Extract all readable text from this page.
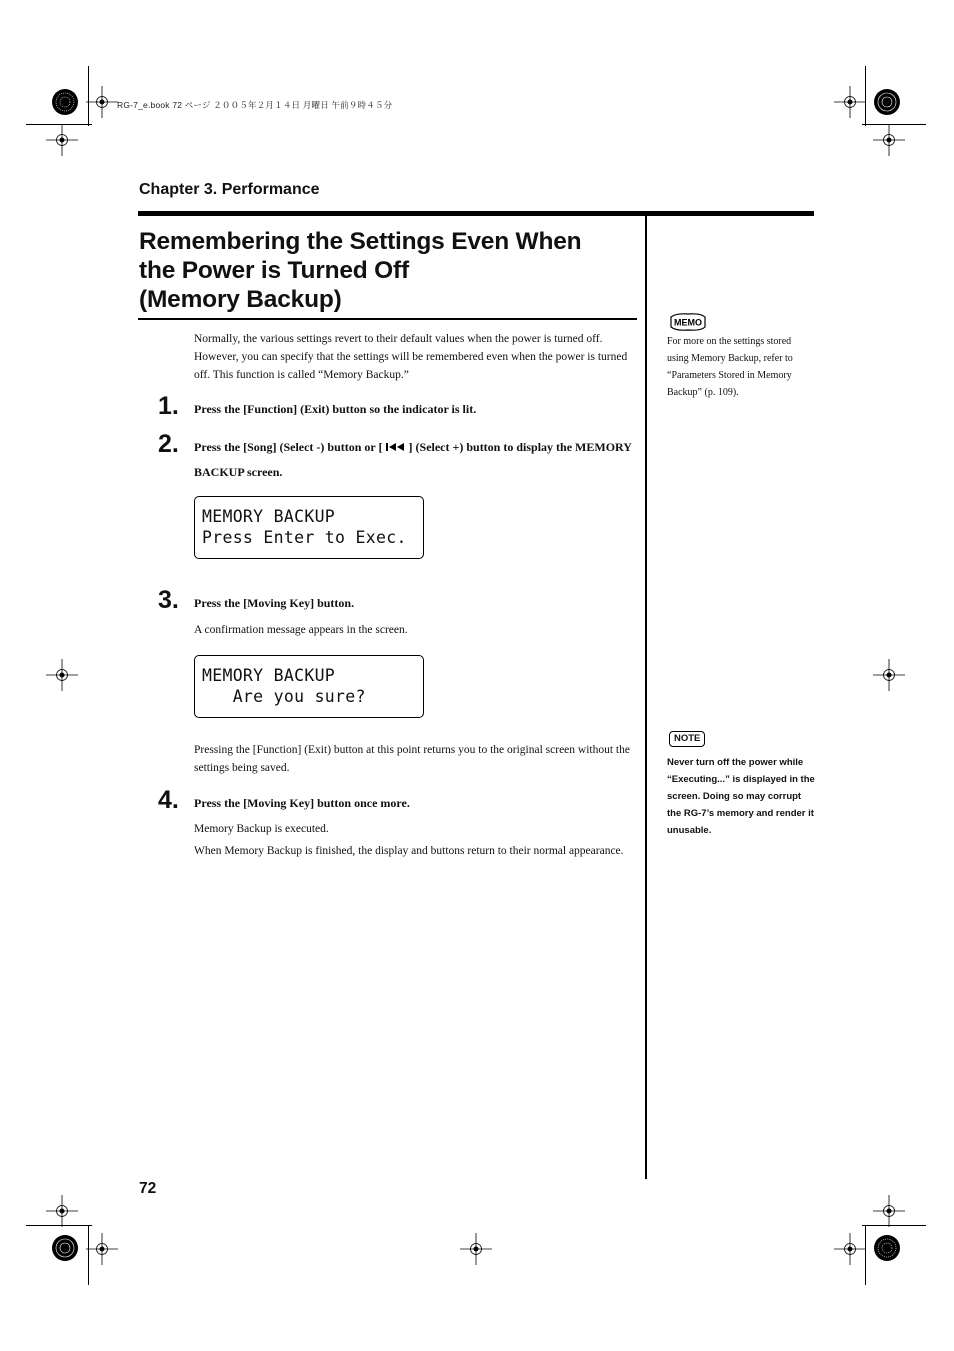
RG-7_e.book 72 ページ ２００５年２月１４日 月曜日 午前９時４５分
Chapter 3. Performance
Remembering the Settings Even When
the Power is Turned Off
(Memory Backup)
Normally, the various settings revert to their default values when the power is turned off. However, you can specify that the settings will be remembered even when the power is turned off. This function is called “Memory Backup.”
1. Press the [Function] (Exit) button so the indicator is lit.
2. Press the [Song] (Select -) button or [ ] (Select +) button to display the MEMORY BACKUP screen.
MEMORY BACKUP
Press Enter to Exec.
3. Press the [Moving Key] button.
A confirmation message appears in the screen.
MEMORY BACKUP
Are you sure?
Pressing the [Function] (Exit) button at this point returns you to the original screen without the settings being saved.
4. Press the [Moving Key] button once more.
Memory Backup is executed.
When Memory Backup is finished, the display and buttons return to their normal appearance.
MEMO
For more on the settings stored using Memory Backup, refer to “Parameters Stored in Memory Backup” (p. 109).
NOTE
Never turn off the power while “Executing...” is displayed in the screen. Doing so may corrupt the RG-7’s memory and render it unusable.
72
